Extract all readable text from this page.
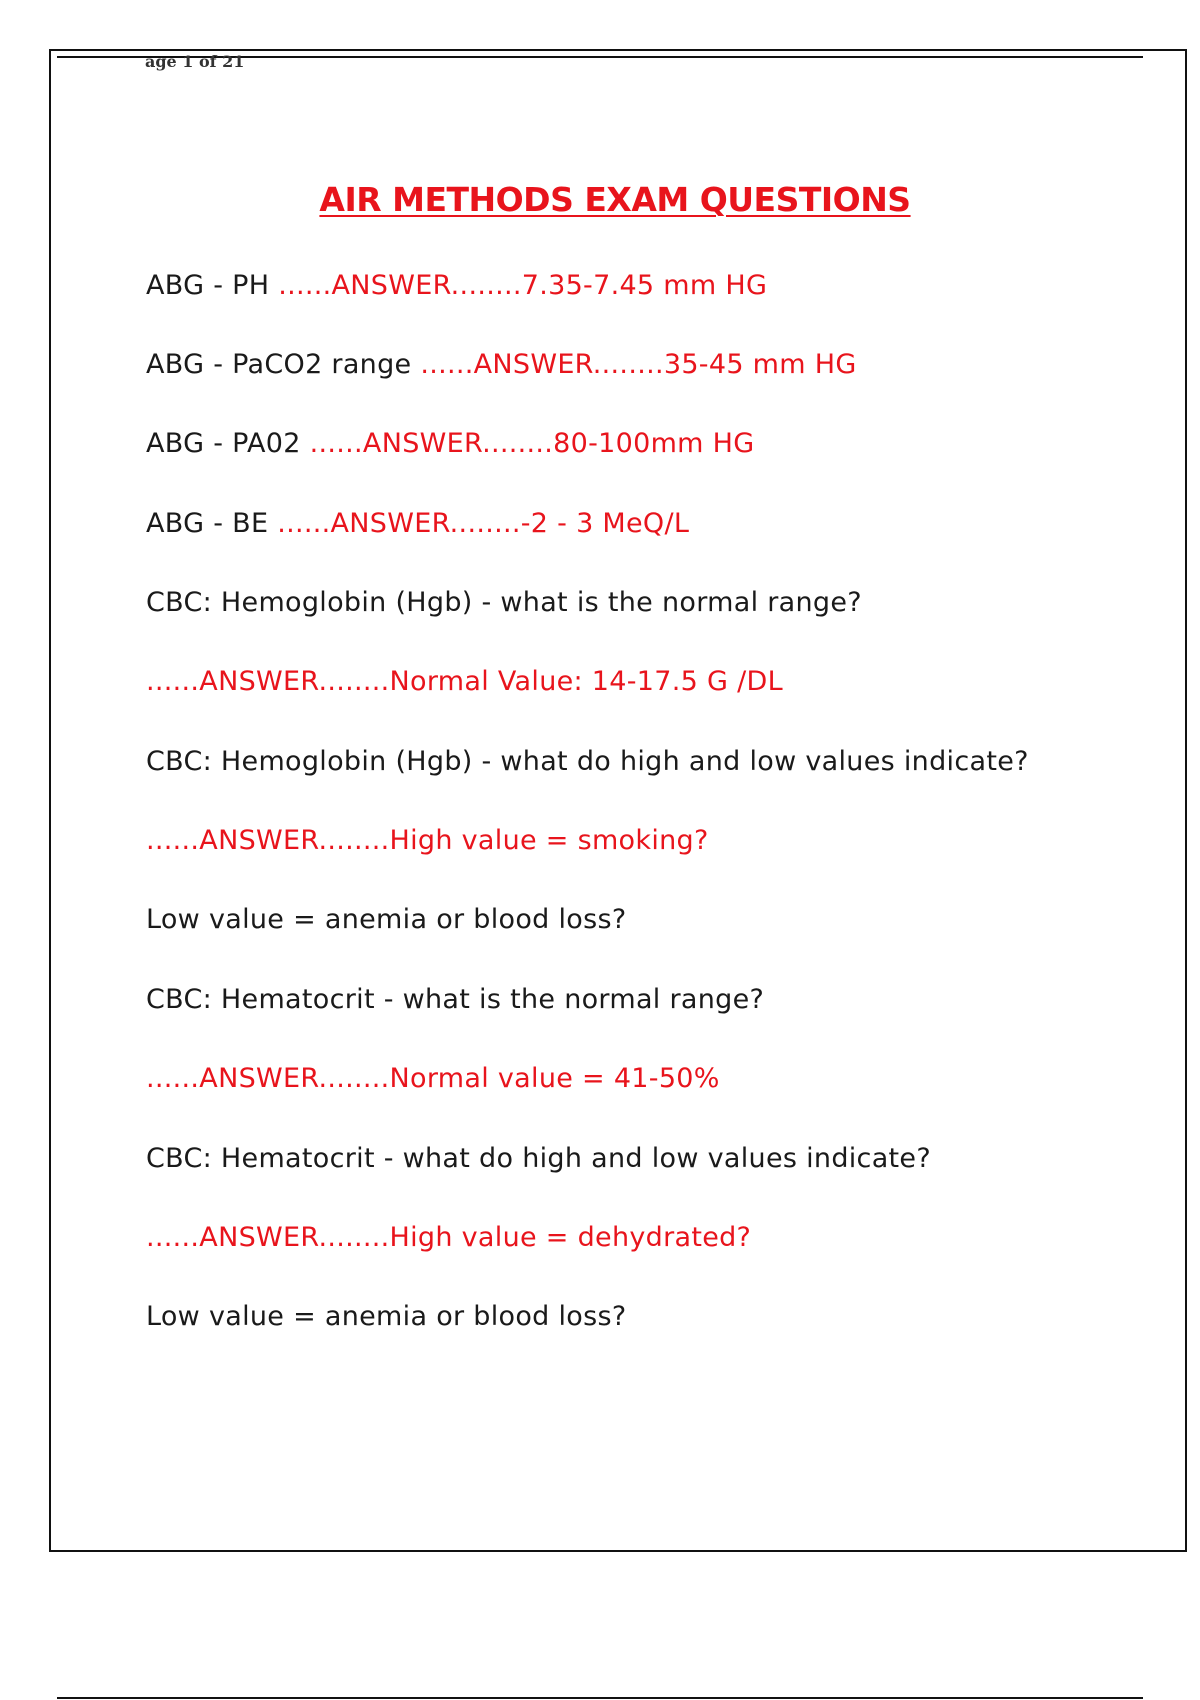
age 1 of 21
AIR METHODS EXAM QUESTIONS
ABG - PH ......ANSWER........7.35-7.45 mm HG
ABG - PaCO2 range ......ANSWER........35-45 mm HG
ABG - PA02 ......ANSWER........80-100mm HG
ABG - BE ......ANSWER........-2 - 3 MeQ/L
CBC: Hemoglobin (Hgb) - what is the normal range?
......ANSWER........Normal Value: 14-17.5 G /DL
CBC: Hemoglobin (Hgb) - what do high and low values indicate?
......ANSWER........High value = smoking?
Low value = anemia or blood loss?
CBC: Hematocrit - what is the normal range?
......ANSWER........Normal value = 41-50%
CBC: Hematocrit - what do high and low values indicate?
......ANSWER........High value = dehydrated?
Low value = anemia or blood loss?
